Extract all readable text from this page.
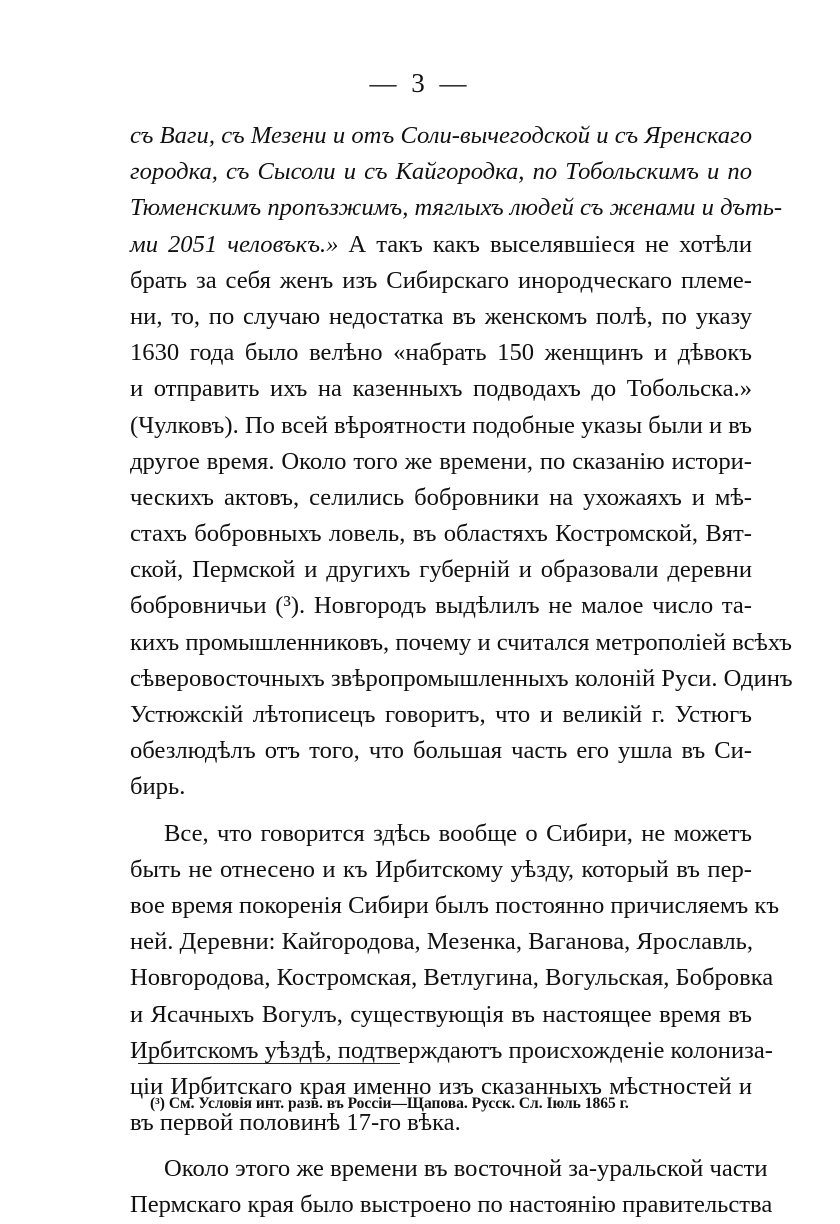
— 3 —
съ Ваги, съ Мезени и отъ Соли-вычегодской и съ Яренскаго
городка, съ Сысоли и съ Кайгородка, по Тобольскимъ и по
Тюменскимъ пропъзжимъ, тяглыхъ людей съ женами и дъть-
ми 2051 человъкъ.» А такъ какъ выселявшіеся не хотѣли
брать за себя женъ изъ Сибирскаго инородческаго племе-
ни, то, по случаю недостатка въ женскомъ полѣ, по указу
1630 года было велѣно «набрать 150 женщинъ и дѣвокъ
и отправить ихъ на казенныхъ подводахъ до Тобольска.»
(Чулковъ). По всей вѣроятности подобные указы были и въ
другое время. Около того же времени, по сказанію истори-
ческихъ актовъ, селились бобровники на ухожаяхъ и мѣ-
стахъ бобровныхъ ловель, въ областяхъ Костромской, Вят-
ской, Пермской и другихъ губерній и образовали деревни
бобровничьи (³). Новгородъ выдѣлилъ не малое число та-
кихъ промышленниковъ, почему и считался метрополіей всѣхъ
сѣверовосточныхъ звѣропромышленныхъ колоній Руси. Одинъ
Устюжскій лѣтописецъ говоритъ, что и великій г. Устюгъ
обезлюдѣлъ отъ того, что большая часть его ушла въ Си-
бирь.
Все, что говорится здѣсь вообще о Сибири, не можетъ
быть не отнесено и къ Ирбитскому уѣзду, который въ пер-
вое время покоренія Сибири былъ постоянно причисляемъ къ
ней. Деревни: Кайгородова, Мезенка, Ваганова, Ярославль,
Новгородова, Костромская, Ветлугина, Вогульская, Бобровка
и Ясачныхъ Вогулъ, существующія въ настоящее время въ
Ирбитскомъ уѣздѣ, подтверждаютъ происхожденіе колониза-
ціи Ирбитскаго края именно изъ сказанныхъ мѣстностей и
въ первой половинѣ 17-го вѣка.
Около этого же времени въ восточной за-уральской части
Пермскаго края было выстроено по настоянію правительства
(³) См. Условія инт. разв. въ Россіи—Щапова. Русск. Сл. Іюль 1865 г.
